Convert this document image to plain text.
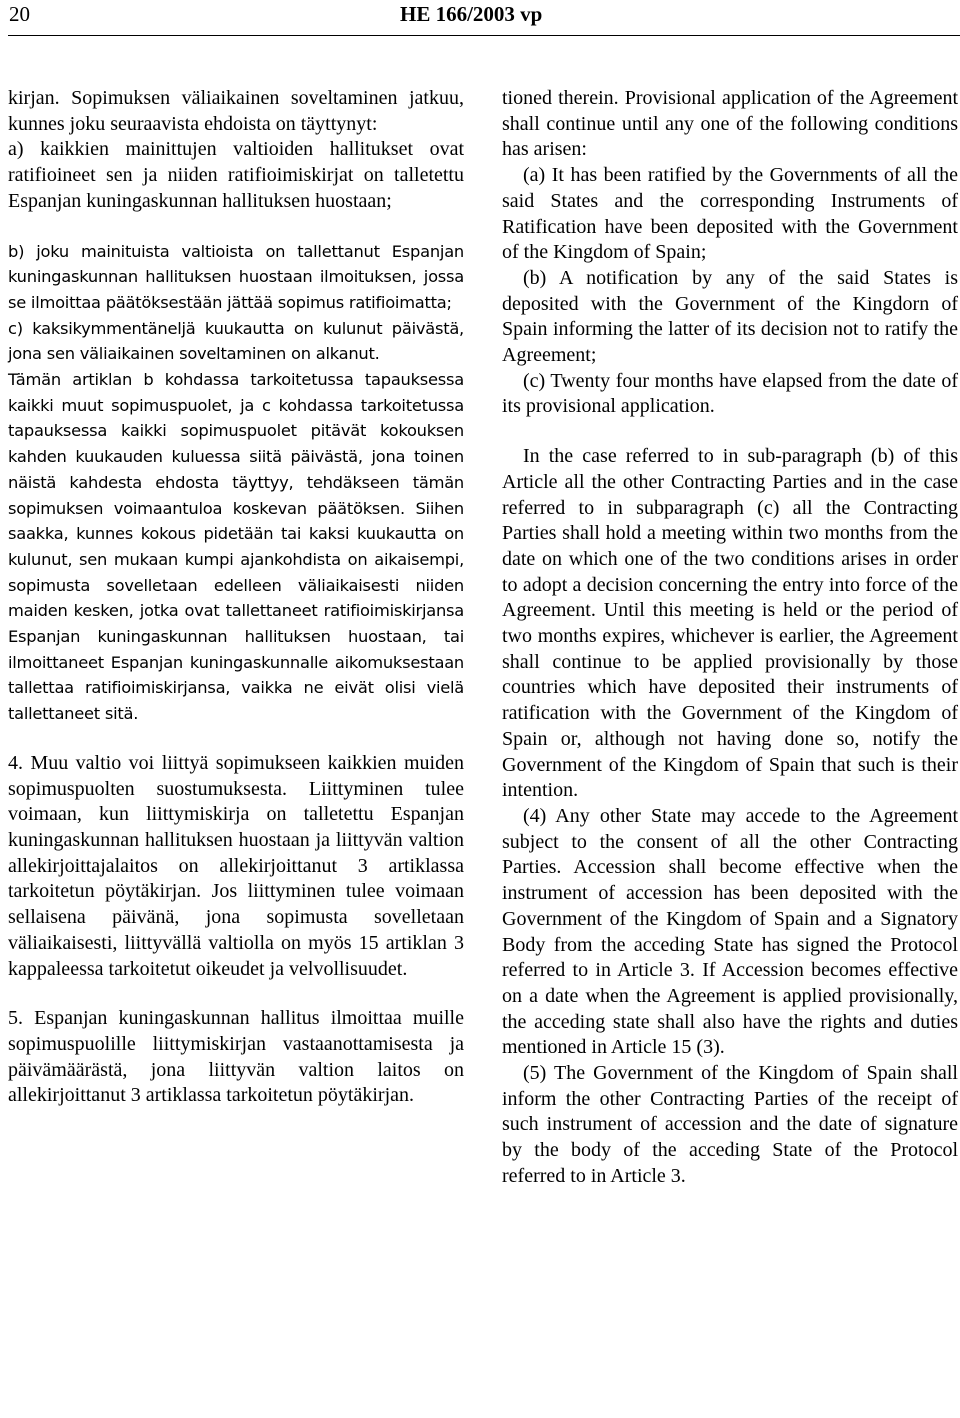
20	HE 166/2003 vp

kirjan. Sopimuksen väliaikainen soveltaminen jatkuu, kunnes joku seuraavista ehdoista on täyttynyt:

a) kaikkien mainittujen valtioiden hallitukset ovat ratifioineet sen ja niiden ratifioimiskirjat on talletettu Espanjan kuningaskunnan hallituksen huostaan;

b) joku mainituista valtioista on tallettanut Espanjan kuningaskunnan hallituksen huostaan ilmoituksen, jossa se ilmoittaa päätöksestään jättää sopimus ratifioimatta;

c) kaksikymmentäneljä kuukautta on kulunut päivästä, jona sen väliaikainen soveltaminen on alkanut.

Tämän artiklan b kohdassa tarkoitetussa tapauksessa kaikki muut sopimuspuolet, ja c kohdassa tarkoitetussa tapauksessa kaikki sopimuspuolet pitävät kokouksen kahden kuukauden kuluessa siitä päivästä, jona toinen näistä kahdesta ehdosta täyttyy, tehdäkseen tämän sopimuksen voimaantuloa koskevan päätöksen. Siihen saakka, kunnes kokous pidetään tai kaksi kuukautta on kulunut, sen mukaan kumpi ajankohdista on aikaisempi, sopimusta sovelletaan edelleen väliaikaisesti niiden maiden kesken, jotka ovat tallettaneet ratifioimiskirjansa Espanjan kuningaskunnan hallituksen huostaan, tai ilmoittaneet Espanjan kuningaskunnalle aikomuksestaan tallettaa ratifioimiskirjansa, vaikka ne eivät olisi vielä tallettaneet sitä.

4. Muu valtio voi liittyä sopimukseen kaikkien muiden sopimuspuolten suostumuksesta. Liittyminen tulee voimaan, kun liittymiskirja on talletettu Espanjan kuningaskunnan hallituksen huostaan ja liittyvän valtion allekirjoittajalaitos on allekirjoittanut 3 artiklassa tarkoitetun pöytäkirjan. Jos liittyminen tulee voimaan sellaisena päivänä, jona sopimusta sovelletaan väliaikaisesti, liittyvällä valtiolla on myös 15 artiklan 3 kappaleessa tarkoitetut oikeudet ja velvollisuudet.

5. Espanjan kuningaskunnan hallitus ilmoittaa muille sopimuspuolille liittymiskirjan vastaanottamisesta ja päivämäärästä, jona liittyvän valtion laitos on allekirjoittanut 3 artiklassa tarkoitetun pöytäkirjan.

tioned therein. Provisional application of the Agreement shall continue until any one of the following conditions has arisen:

(a) It has been ratified by the Governments of all the said States and the corresponding Instruments of Ratification have been deposited with the Government of the Kingdom of Spain;

(b) A notification by any of the said States is deposited with the Government of the Kingdorn of Spain informing the latter of its decision not to ratify the Agreement;

(c) Twenty four months have elapsed from the date of its provisional application.

In the case referred to in sub-paragraph (b) of this Article all the other Contracting Parties and in the case referred to in subparagraph (c) all the Contracting Parties shall hold a meeting within two months from the date on which one of the two conditions arises in order to adopt a decision concerning the entry into force of the Agreement. Until this meeting is held or the period of two months expires, whichever is earlier, the Agreement shall continue to be applied provisionally by those countries which have deposited their instruments of ratification with the Government of the Kingdom of Spain or, although not having done so, notify the Government of the Kingdom of Spain that such is their intention.

(4) Any other State may accede to the Agreement subject to the consent of all the other Contracting Parties. Accession shall become effective when the instrument of accession has been deposited with the Government of the Kingdom of Spain and a Signatory Body from the acceding State has signed the Protocol referred to in Article 3. If Accession becomes effective on a date when the Agreement is applied provisionally, the acceding state shall also have the rights and duties mentioned in Article 15 (3).

(5) The Government of the Kingdom of Spain shall inform the other Contracting Parties of the receipt of such instrument of accession and the date of signature by the body of the acceding State of the Protocol referred to in Article 3.
